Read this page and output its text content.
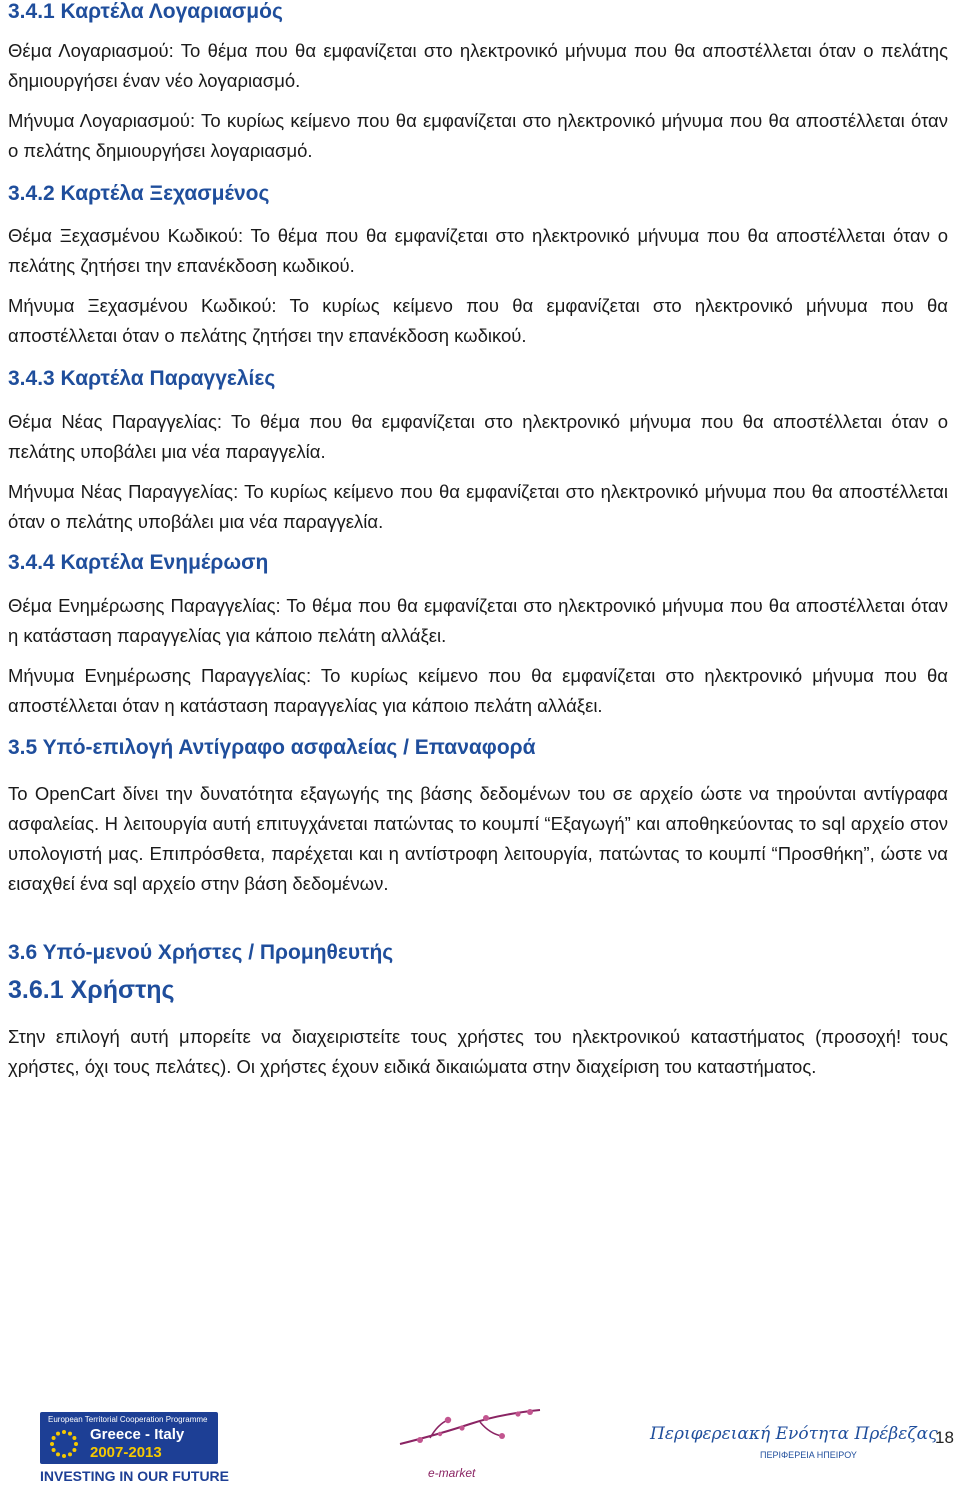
3.4.1 Καρτέλα Λογαριασμός

Θέμα Λογαριασμού: Το θέμα που θα εμφανίζεται στο ηλεκτρονικό μήνυμα που θα αποστέλλεται όταν ο πελάτης δημιουργήσει έναν νέο λογαριασμό.

Μήνυμα Λογαριασμού: Το κυρίως κείμενο που θα εμφανίζεται στο ηλεκτρονικό μήνυμα που θα αποστέλλεται όταν ο πελάτης δημιουργήσει λογαριασμό.

3.4.2 Καρτέλα Ξεχασμένος

Θέμα Ξεχασμένου Κωδικού: Το θέμα που θα εμφανίζεται στο ηλεκτρονικό μήνυμα που θα αποστέλλεται όταν ο πελάτης ζητήσει την επανέκδοση κωδικού.

Μήνυμα Ξεχασμένου Κωδικού: Το κυρίως κείμενο που θα εμφανίζεται στο ηλεκτρονικό μήνυμα που θα αποστέλλεται όταν ο πελάτης ζητήσει την επανέκδοση κωδικού.

3.4.3 Καρτέλα Παραγγελίες

Θέμα Νέας Παραγγελίας: Το θέμα που θα εμφανίζεται στο ηλεκτρονικό μήνυμα που θα αποστέλλεται όταν ο πελάτης υποβάλει μια νέα παραγγελία.

Μήνυμα Νέας Παραγγελίας: Το κυρίως κείμενο που θα εμφανίζεται στο ηλεκτρονικό μήνυμα που θα αποστέλλεται όταν ο πελάτης υποβάλει μια νέα παραγγελία.

3.4.4 Καρτέλα Ενημέρωση

Θέμα Ενημέρωσης Παραγγελίας: Το θέμα που θα εμφανίζεται στο ηλεκτρονικό μήνυμα που θα αποστέλλεται όταν η κατάσταση παραγγελίας για κάποιο πελάτη αλλάξει.

Μήνυμα Ενημέρωσης Παραγγελίας: Το κυρίως κείμενο που θα εμφανίζεται στο ηλεκτρονικό μήνυμα που θα αποστέλλεται όταν η κατάσταση παραγγελίας για κάποιο πελάτη αλλάξει.

3.5 Υπό-επιλογή Αντίγραφο ασφαλείας / Επαναφορά

Το OpenCart δίνει την δυνατότητα εξαγωγής της βάσης δεδομένων του σε αρχείο ώστε να τηρούνται αντίγραφα ασφαλείας. Η λειτουργία αυτή επιτυγχάνεται πατώντας το κουμπί “Εξαγωγή” και αποθηκεύοντας το sql αρχείο στον υπολογιστή μας. Επιπρόσθετα, παρέχεται και η αντίστροφη λειτουργία, πατώντας το κουμπί “Προσθήκη”, ώστε να εισαχθεί ένα sql αρχείο στην βάση δεδομένων.

3.6 Υπό-μενού Χρήστες / Προμηθευτής
3.6.1 Χρήστης

Στην επιλογή αυτή μπορείτε να διαχειριστείτε τους χρήστες του ηλεκτρονικού καταστήματος (προσοχή! τους χρήστες, όχι τους πελάτες). Οι χρήστες έχουν ειδικά δικαιώματα στην διαχείριση του καταστήματος.

European Territorial Cooperation Programme
Greece - Italy
2007-2013
INVESTING IN OUR FUTURE	e-market
Περιφερειακή Ενότητα Πρέβεζας
ΠΕΡΙΦΕΡΕΙΑ ΗΠΕΙΡΟΥ
18
